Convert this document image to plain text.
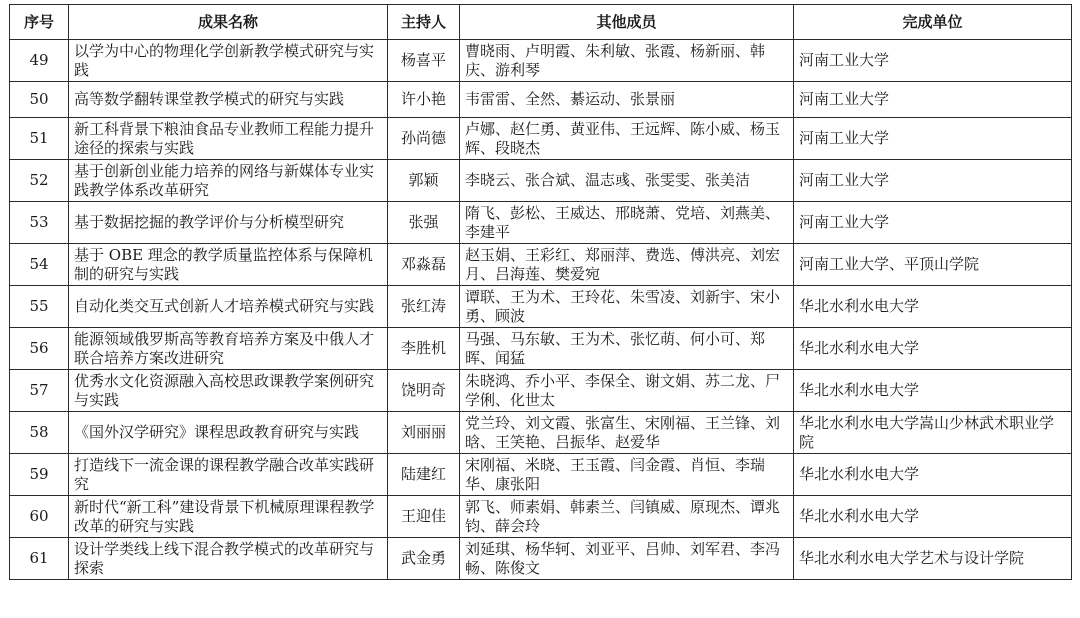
序号	成果名称	主持人	其他成员	完成单位
49	以学为中心的物理化学创新教学模式研究与实践	杨喜平	曹晓雨、卢明霞、朱利敏、张霞、杨新丽、韩庆、游利琴	河南工业大学
50	高等数学翻转课堂教学模式的研究与实践	许小艳	韦雷雷、全然、綦运动、张景丽	河南工业大学
51	新工科背景下粮油食品专业教师工程能力提升途径的探索与实践	孙尚德	卢娜、赵仁勇、黄亚伟、王远辉、陈小威、杨玉辉、段晓杰	河南工业大学
52	基于创新创业能力培养的网络与新媒体专业实践教学体系改革研究	郭颖	李晓云、张合斌、温志彧、张雯雯、张美洁	河南工业大学
53	基于数据挖掘的教学评价与分析模型研究	张强	隋飞、彭松、王威达、邢晓萧、党培、刘燕美、李建平	河南工业大学
54	基于 OBE 理念的教学质量监控体系与保障机制的研究与实践	邓淼磊	赵玉娟、王彩红、郑丽萍、费选、傅洪亮、刘宏月、吕海莲、樊爱宛	河南工业大学、平顶山学院
55	自动化类交互式创新人才培养模式研究与实践	张红涛	谭联、王为术、王玲花、朱雪凌、刘新宇、宋小勇、顾波	华北水利水电大学
56	能源领域俄罗斯高等教育培养方案及中俄人才联合培养方案改进研究	李胜机	马强、马东敏、王为术、张忆萌、何小可、郑晖、闻猛	华北水利水电大学
57	优秀水文化资源融入高校思政课教学案例研究与实践	饶明奇	朱晓鸿、乔小平、李保全、谢文娟、苏二龙、尸学俐、化世太	华北水利水电大学
58	《国外汉学研究》课程思政教育研究与实践	刘丽丽	党兰玲、刘文霞、张富生、宋刚福、王兰锋、刘晗、王笑艳、吕振华、赵爱华	华北水利水电大学嵩山少林武术职业学院
59	打造线下一流金课的课程教学融合改革实践研究	陆建红	宋刚福、米晓、王玉霞、闫金霞、肖恒、李瑞华、康张阳	华北水利水电大学
60	新时代“新工科”建设背景下机械原理课程教学改革的研究与实践	王迎佳	郭飞、师素娟、韩素兰、闫镇威、原现杰、谭兆钧、薛会玲	华北水利水电大学
61	设计学类线上线下混合教学模式的改革研究与探索	武金勇	刘延琪、杨华轲、刘亚平、吕帅、刘军君、李冯畅、陈俊文	华北水利水电大学艺术与设计学院
